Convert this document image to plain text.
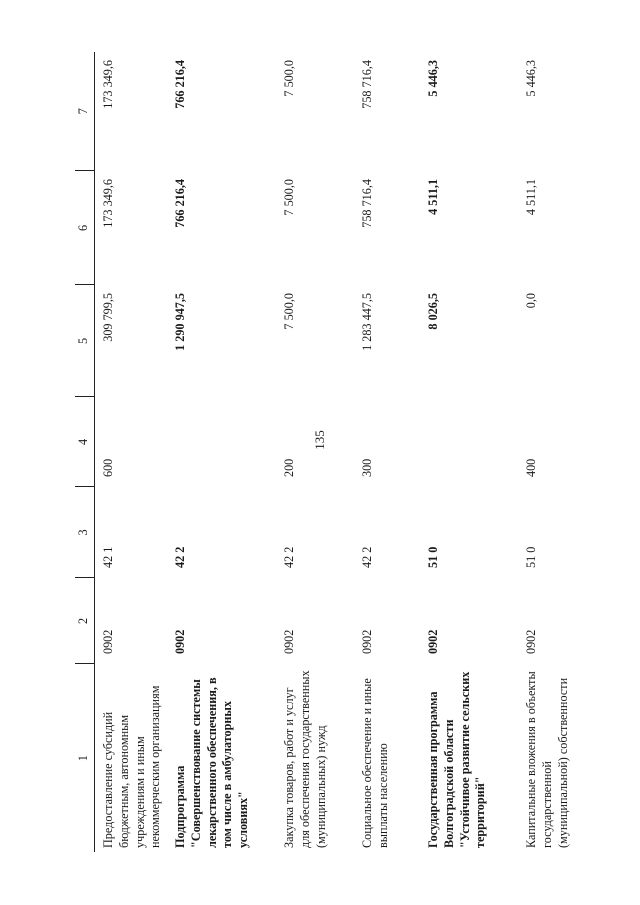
135
1	2	3	4	5	6	7
Предоставление субсидий бюджетным, автономным учреждениям и иным некоммерческим организациям	0902	42 1	600	309 799,5	173 349,6	173 349,6
Подпрограмма "Совершенствование системы лекарственного обеспечения, в том числе в амбулаторных условиях"	0902	42 2		1 290 947,5	766 216,4	766 216,4
Закупка товаров, работ и услуг для обеспечения государственных (муниципальных) нужд	0902	42 2	200	7 500,0	7 500,0	7 500,0
Социальное обеспечение и иные выплаты населению	0902	42 2	300	1 283 447,5	758 716,4	758 716,4
Государственная программа Волгоградской области "Устойчивое развитие сельских территорий"	0902	51 0		8 026,5	4 511,1	5 446,3
Капитальные вложения в объекты государственной (муниципальной) собственности	0902	51 0	400	0,0	4 511,1	5 446,3
